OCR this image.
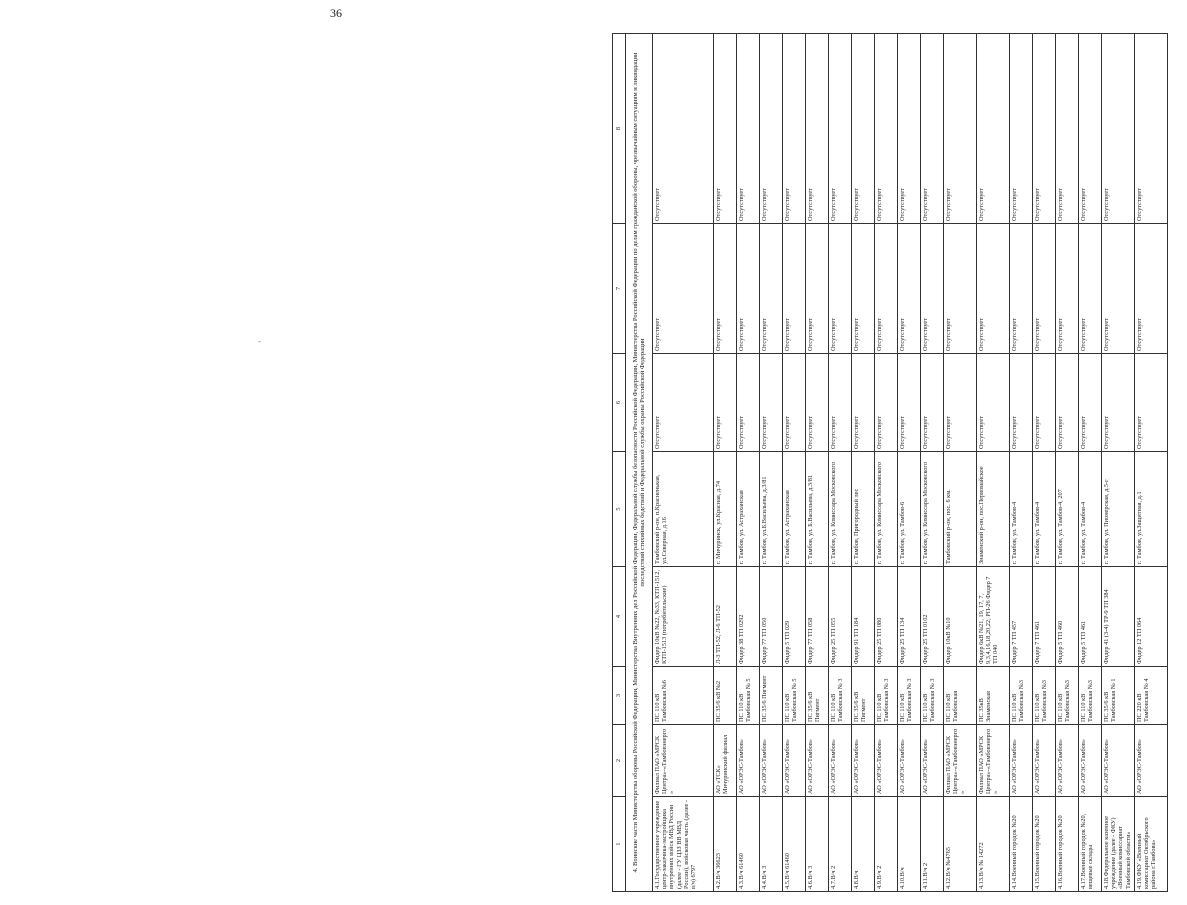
36
-
1	2	3	4	5	6	7	8
4. Воинские части Министерства обороны Российской Федерации, Министерства Внутренних дел Российской Федерации, Федеральной службы безопасности Российской Федерации, Министерства Российской Федерации по делам гражданской обороны, чрезвычайным ситуациям и ликвидации последствий стихийных бедствий и Федеральной службы охраны Российской Федерации							
4.1.Государственное учреждение центр-заказчика-застройщика внутренних войск МВД России (далее - ГУ ЦЗЗ ВВ МВД России), войсковая часть (далее - в/ч) 6797	Филиал ПАО «МРСК Центра»-«Тамбовэнерго»	ПС 110 кВ Тамбовская №6	Фидер 10кВ №22, №33, КТП-1512, КТП-1513 (потребительские)	Тамбовский р-он, п.Красненькая, ул.Северная, д.16	Отсутствует	Отсутствует	Отсутствует
4.2.В/ч 36623	АО «ТСК» Мичуринский филиал	ПС 35/6 кВ №2	Л-3 ТП-52, Л-6 ТП-52	г. Мичуринск, ул.Красная, д.74	Отсутствует	Отсутствует	Отсутствует
4.3.В/ч 61460	АО «ОРЭС-Тамбов»	ПС 110 кВ Тамбовская № 5	Фидер 38 ТП 0292	г. Тамбов, ул. Астраханская	Отсутствует	Отсутствует	Отсутствует
4.4.В/ч 3	АО «ОРЭС-Тамбов»	ПС 35/6 Пигмент	Фидер 77 ТП 050	г. Тамбов, ул.Б.Васильева, д.3/81	Отсутствует	Отсутствует	Отсутствует
4.5.В/ч 61460	АО «ОРЭС-Тамбов»	ПС 110 кВ Тамбовская № 5	Фидер 5 ТП 029	г. Тамбов, ул. Астраханская	Отсутствует	Отсутствует	Отсутствует
4.6.В/ч 3	АО «ОРЭС-Тамбов»	ПС 35/6 кВ Пигмент	Фидер 77 ТП 058	г. Тамбов, ул. Б.Васильева, д.3/81	Отсутствует	Отсутствует	Отсутствует
4.7.В/ч 2	АО «ОРЭС-Тамбов»	ПС 110 кВ Тамбовская № 3	Фидер 25 ТП 055	г. Тамбов, ул. Комиссара Московского	Отсутствует	Отсутствует	Отсутствует
4.8.В/ч	АО «ОРЭС-Тамбов»	ПС 35/6 кВ Пигмент	Фидер 91 ТП 184	г. Тамбов, Пригородный лес	Отсутствует	Отсутствует	Отсутствует
4.9.В/ч 2	АО «ОРЭС-Тамбов»	ПС 110 кВ Тамбовская № 3	Фидер 25 ТП 080	г. Тамбов, ул. Комиссара Московского	Отсутствует	Отсутствует	Отсутствует
4.10.В/ч	АО «ОРЭС-Тамбов»	ПС 110 кВ Тамбовская № 3	Фидер 25 ТП 134	г. Тамбов, ул. Тамбов-6	Отсутствует	Отсутствует	Отсутствует
4.11.В/ч 2	АО «ОРЭС-Тамбов»	ПС 110 кВ Тамбовская № 3	Фидер 25 ТП 0102	г. Тамбов, ул. Комиссара Московского	Отсутствует	Отсутствует	Отсутствует
4.12.В/ч №4765	Филиал ПАО «МРСК Центра»-«Тамбовэнерго»	ПС 110 кВ Тамбовская	Фидер 10кВ №10	Тамбовский р-он, пос. 6 км.	Отсутствует	Отсутствует	Отсутствует
4.13.В/ч № 14272	Филиал ПАО «МРСК Центра»-«Тамбовэнерго»	ПС 35кВ Знаменская	Фидер 6кВ №21, 19, 17, 7, 9,3,4,16,18,20,22, РП-26 Фидер 7 ТП 040	Знаменский р-он, пос.Первомайское	Отсутствует	Отсутствует	Отсутствует
4.14.Военный городок №20	АО «ОРЭС-Тамбов»	ПС 110 кВ Тамбовская №3	Фидер 7 ТП 457	г. Тамбов, ул. Тамбов-4	Отсутствует	Отсутствует	Отсутствует
4.15.Военный городок №20	АО «ОРЭС-Тамбов»	ПС 110 кВ Тамбовская №3	Фидер 7 ТП 461	г. Тамбов, ул. Тамбов-4	Отсутствует	Отсутствует	Отсутствует
4.16.Военный городок №20	АО «ОРЭС-Тамбов»	ПС 110 кВ Тамбовская №3	Фидер 5 ТП 460	г. Тамбов, ул. Тамбов-4, 207	Отсутствует	Отсутствует	Отсутствует
4.17.Военный городок №20, вещевые склады	АО «ОРЭС-Тамбов»	ПС 110 кВ Тамбовская №3	Фидер 5 ТП 461	г. Тамбов, ул. Тамбов-4	Отсутствует	Отсутствует	Отсутствует
4.18.Федеральное казенное учреждение (далее - ФКУ) «Военный комиссариат Тамбовской области»	АО «ОРЭС-Тамбов»	ПС 35/6 кВ Тамбовская № 1	Фидер 41 (3-4) ТР-9 ТП 384	г. Тамбов, ул. Пионерская, д.5-г	Отсутствует	Отсутствует	Отсутствует
4.19.ФКУ «Военный комиссариат Октябрьского района г.Тамбова»	АО «ОРЭС-Тамбов»	ПС 220 кВ Тамбовская № 4	Фидер 12 ТП 064	г. Тамбов, ул.Защитная, д.1	Отсутствует	Отсутствует	Отсутствует
